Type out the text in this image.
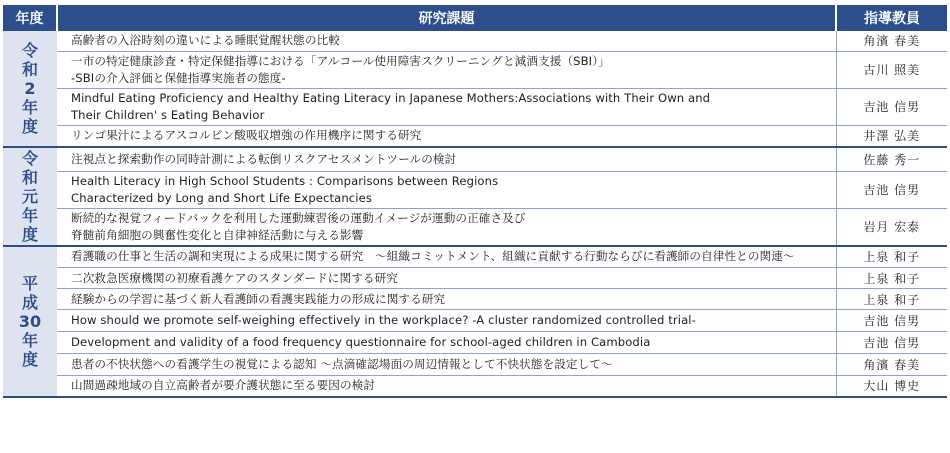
年度	研究課題	指導教員

令
和
2
年
度	高齢者の入浴時刻の違いによる睡眠覚醒状態の比較	角濱 春美

	一市の特定健康診査・特定保健指導における「アルコール使用障害スクリーニングと減酒支援（SBI）」
-SBIの介入評価と保健指導実施者の態度-	古川 照美

	Mindful Eating Proficiency and Healthy Eating Literacy in Japanese Mothers:Associations with Their Own and
Their Children' s Eating Behavior	吉池 信男

	リンゴ果汁によるアスコルビン酸吸収増強の作用機序に関する研究	井澤 弘美

令
和
元
年
度	注視点と探索動作の同時計測による転倒リスクアセスメントツールの検討	佐藤 秀一

	Health Literacy in High School Students : Comparisons between Regions
Characterized by Long and Short Life Expectancies	吉池 信男

	断続的な視覚フィードバックを利用した運動練習後の運動イメージが運動の正確さ及び
脊髄前角細胞の興奮性変化と自律神経活動に与える影響	岩月 宏泰

平
成
30
年
度	看護職の仕事と生活の調和実現による成果に関する研究　～組織コミットメント、組織に貢献する行動ならびに看護師の自律性との関連～	上泉 和子

	二次救急医療機関の初療看護ケアのスタンダードに関する研究	上泉 和子

	経験からの学習に基づく新人看護師の看護実践能力の形成に関する研究	上泉 和子

	How should we promote self-weighing effectively in the workplace? -A cluster randomized controlled trial-	吉池 信男

	Development and validity of a food frequency questionnaire for school-aged children in Cambodia	吉池 信男

	患者の不快状態への看護学生の視覚による認知 ～点滴確認場面の周辺情報として不快状態を設定して～	角濱 春美

	山間過疎地域の自立高齢者が要介護状態に至る要因の検討	大山 博史
